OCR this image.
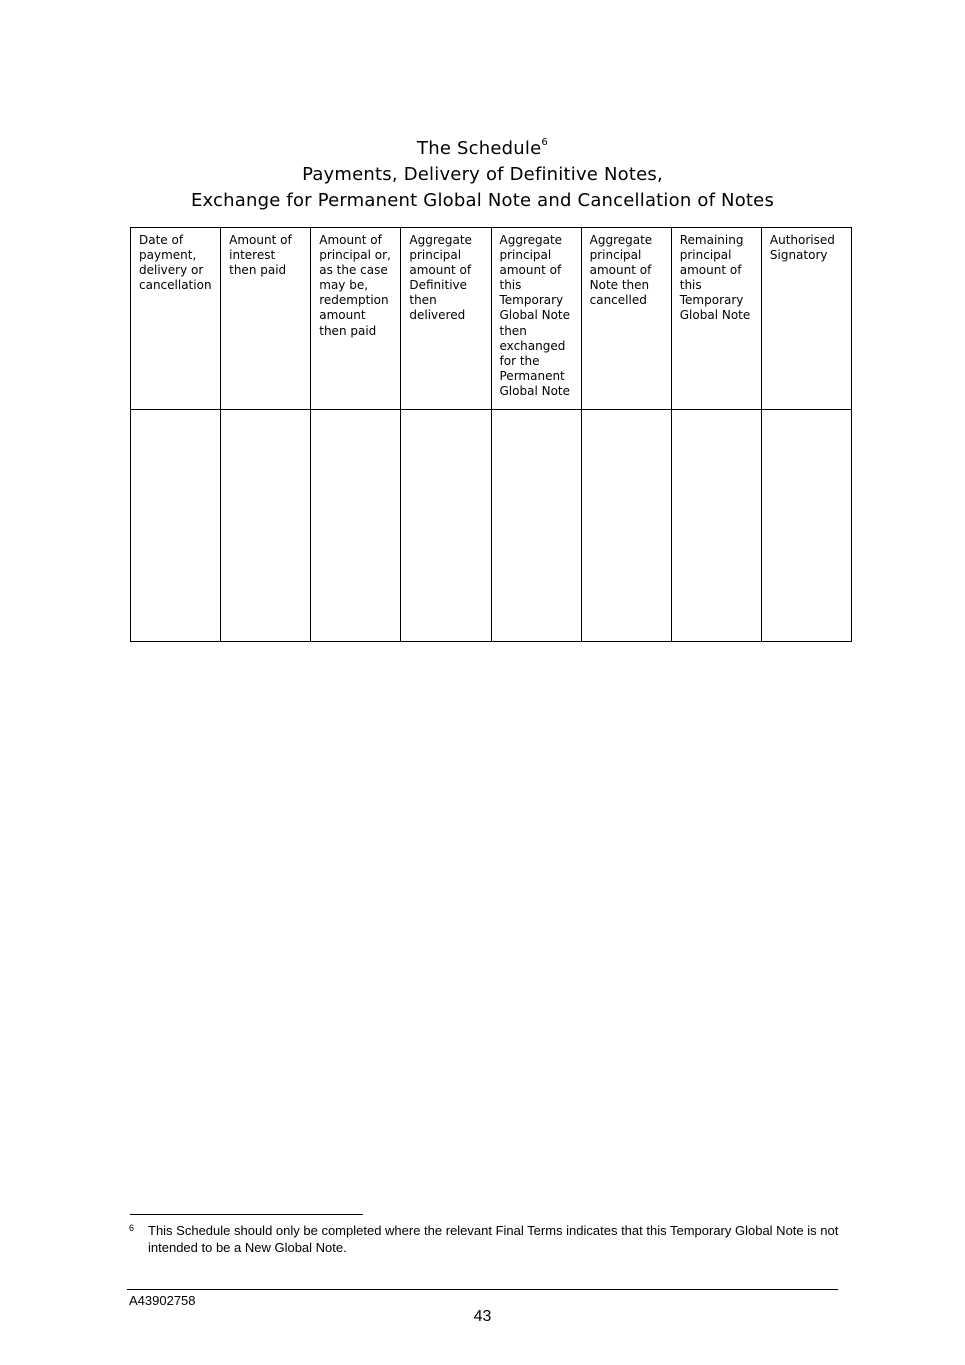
The Schedule$^6$
Payments, Delivery of Definitive Notes,
Exchange for Permanent Global Note and Cancellation of Notes
Date of payment, delivery or cancellation	Amount of interest then paid	Amount of principal or, as the case may be, redemption amount then paid	Aggregate principal amount of Definitive then delivered	Aggregate principal amount of this Temporary Global Note then exchanged for the Permanent Global Note	Aggregate principal amount of Note then cancelled	Remaining principal amount of this Temporary Global Note	Authorised Signatory

6 This Schedule should only be completed where the relevant Final Terms indicates that this Temporary Global Note is not intended to be a New Global Note.
A43902758
43
